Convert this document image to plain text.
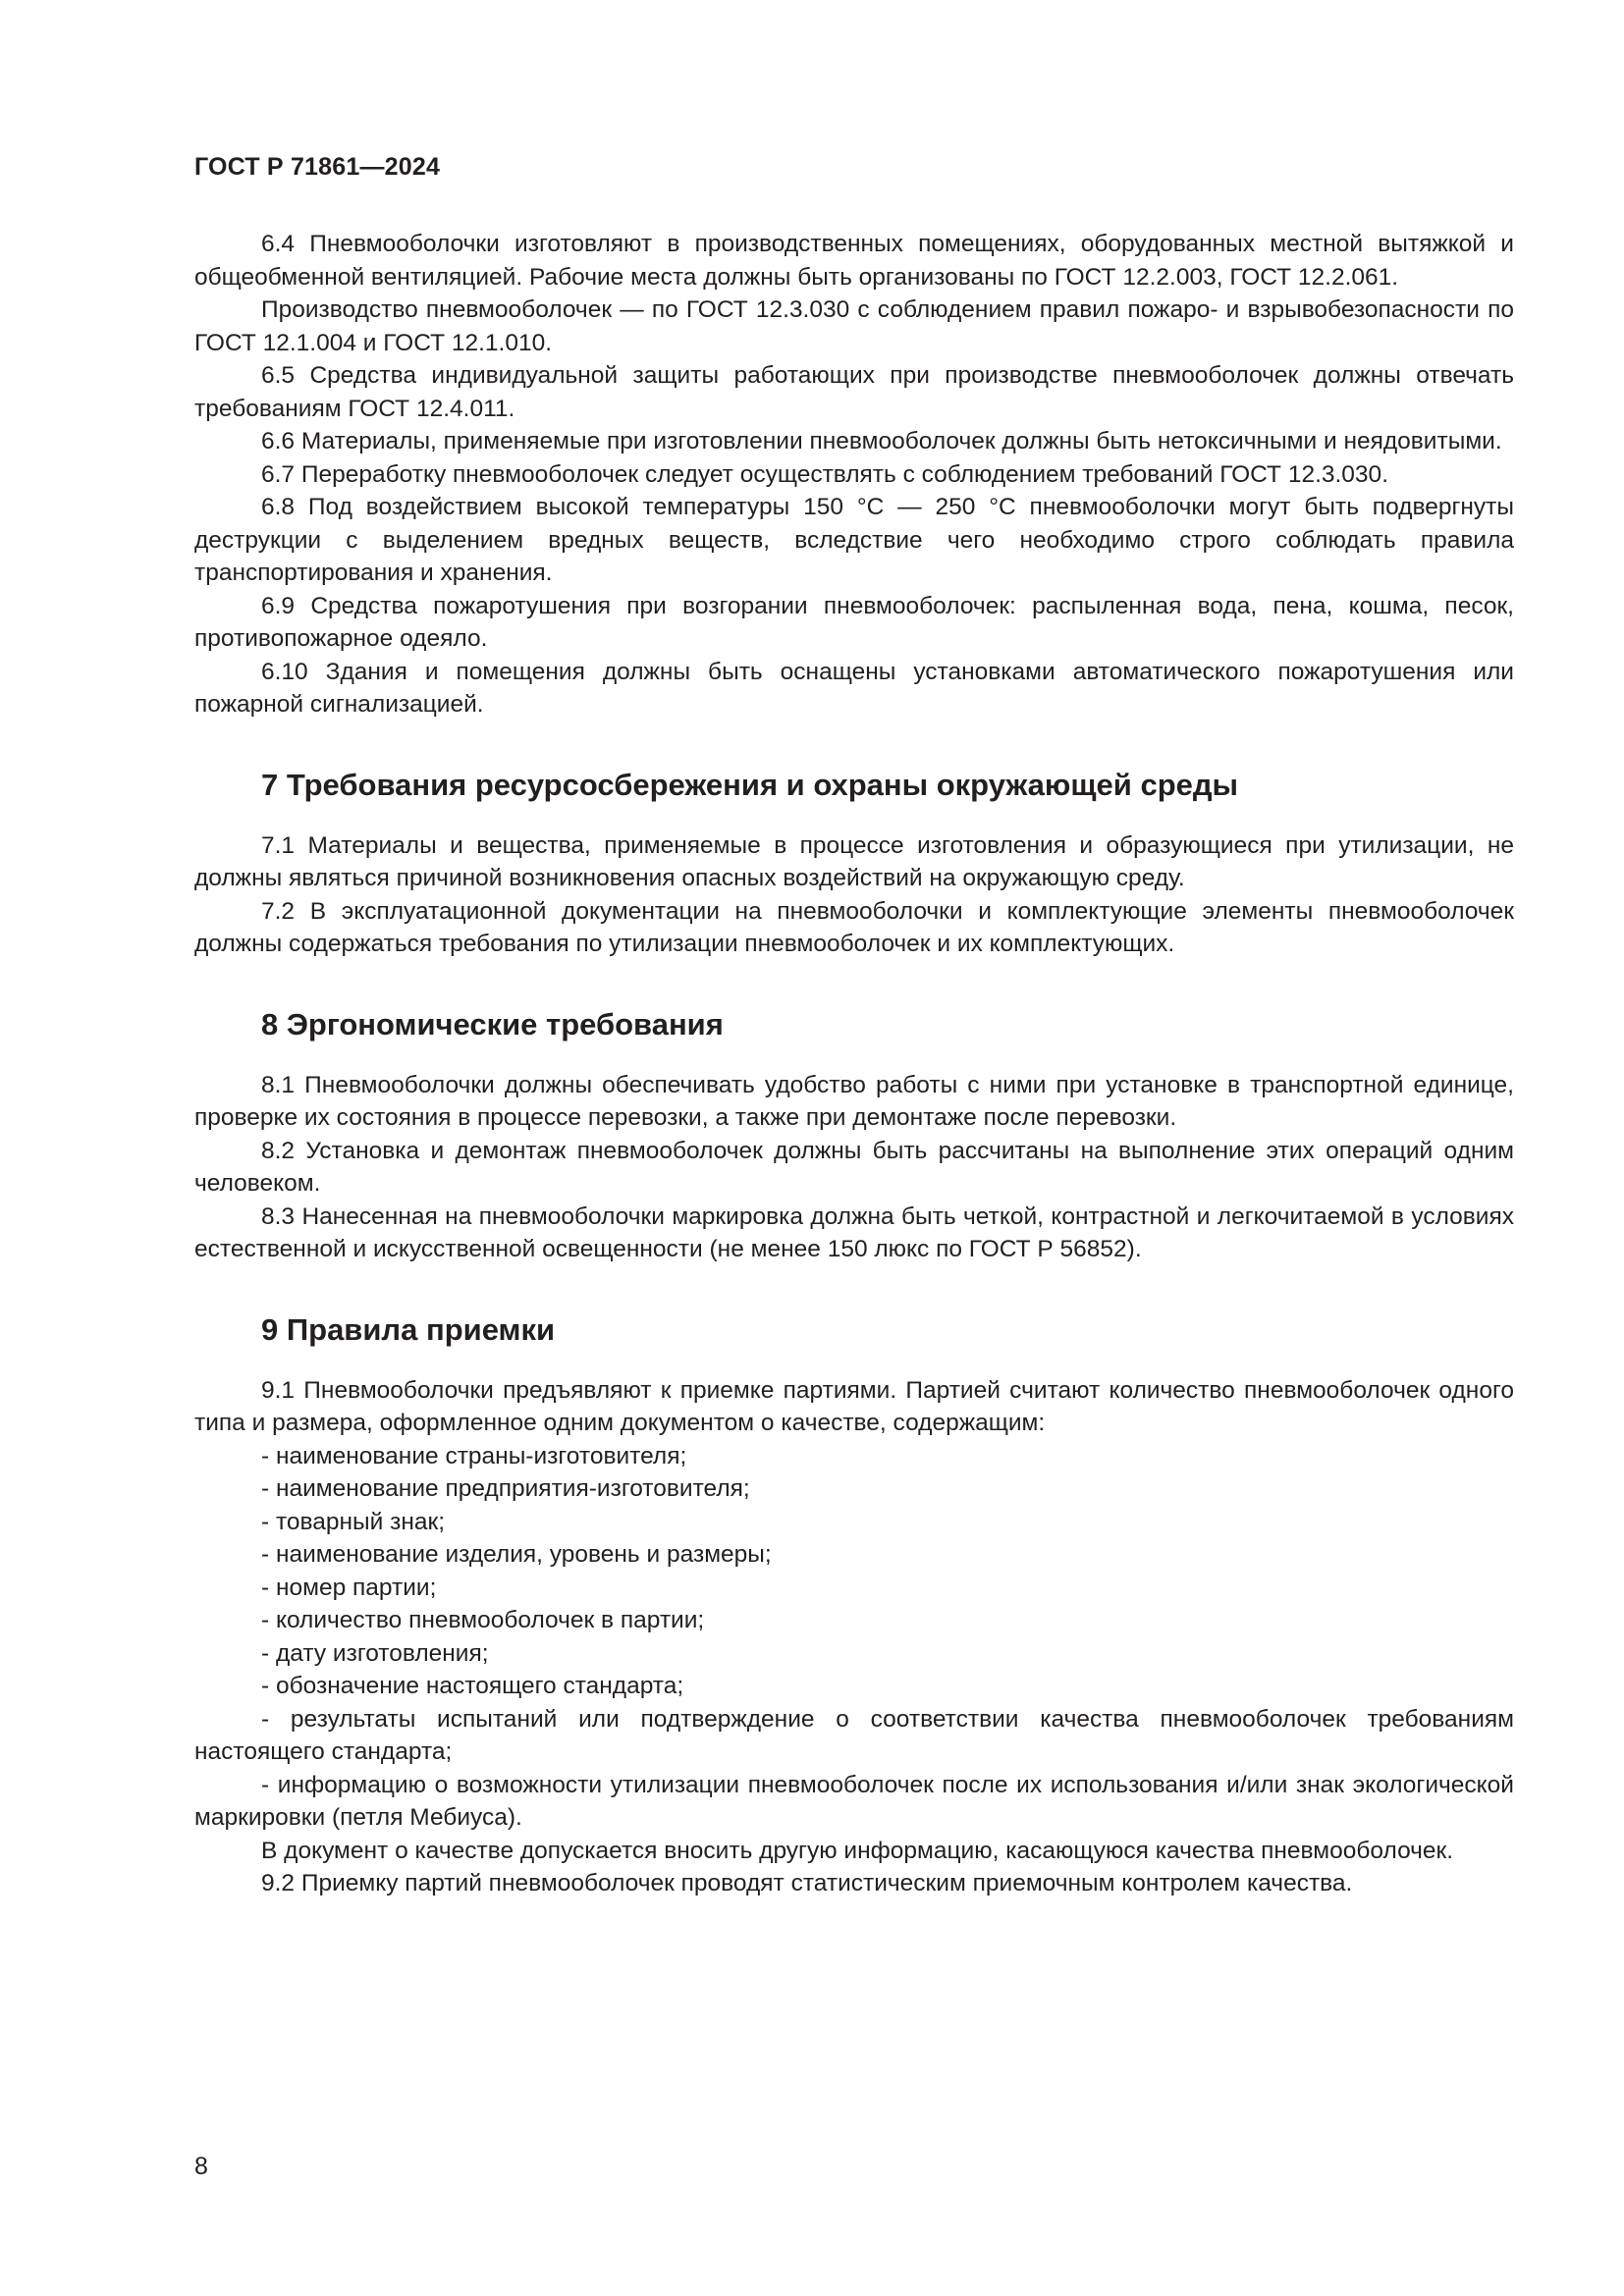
ГОСТ Р 71861—2024

6.4 Пневмооболочки изготовляют в производственных помещениях, оборудованных местной вытяжкой и общеобменной вентиляцией. Рабочие места должны быть организованы по ГОСТ 12.2.003, ГОСТ 12.2.061.

Производство пневмооболочек — по ГОСТ 12.3.030 с соблюдением правил пожаро- и взрывобезопасности по ГОСТ 12.1.004 и ГОСТ 12.1.010.

6.5 Средства индивидуальной защиты работающих при производстве пневмооболочек должны отвечать требованиям ГОСТ 12.4.011.

6.6 Материалы, применяемые при изготовлении пневмооболочек должны быть нетоксичными и неядовитыми.

6.7 Переработку пневмооболочек следует осуществлять с соблюдением требований ГОСТ 12.3.030.

6.8 Под воздействием высокой температуры 150 °С — 250 °С пневмооболочки могут быть подвергнуты деструкции с выделением вредных веществ, вследствие чего необходимо строго соблюдать правила транспортирования и хранения.

6.9 Средства пожаротушения при возгорании пневмооболочек: распыленная вода, пена, кошма, песок, противопожарное одеяло.

6.10 Здания и помещения должны быть оснащены установками автоматического пожаротушения или пожарной сигнализацией.

7 Требования ресурсосбережения и охраны окружающей среды

7.1 Материалы и вещества, применяемые в процессе изготовления и образующиеся при утилизации, не должны являться причиной возникновения опасных воздействий на окружающую среду.

7.2 В эксплуатационной документации на пневмооболочки и комплектующие элементы пневмооболочек должны содержаться требования по утилизации пневмооболочек и их комплектующих.

8 Эргономические требования

8.1 Пневмооболочки должны обеспечивать удобство работы с ними при установке в транспортной единице, проверке их состояния в процессе перевозки, а также при демонтаже после перевозки.

8.2 Установка и демонтаж пневмооболочек должны быть рассчитаны на выполнение этих операций одним человеком.

8.3 Нанесенная на пневмооболочки маркировка должна быть четкой, контрастной и легкочитаемой в условиях естественной и искусственной освещенности (не менее 150 люкс по ГОСТ Р 56852).

9 Правила приемки

9.1 Пневмооболочки предъявляют к приемке партиями. Партией считают количество пневмооболочек одного типа и размера, оформленное одним документом о качестве, содержащим:

- наименование страны-изготовителя;

- наименование предприятия-изготовителя;

- товарный знак;

- наименование изделия, уровень и размеры;

- номер партии;

- количество пневмооболочек в партии;

- дату изготовления;

- обозначение настоящего стандарта;

- результаты испытаний или подтверждение о соответствии качества пневмооболочек требованиям настоящего стандарта;

- информацию о возможности утилизации пневмооболочек после их использования и/или знак экологической маркировки (петля Мебиуса).

В документ о качестве допускается вносить другую информацию, касающуюся качества пневмооболочек.

9.2 Приемку партий пневмооболочек проводят статистическим приемочным контролем качества.

8
